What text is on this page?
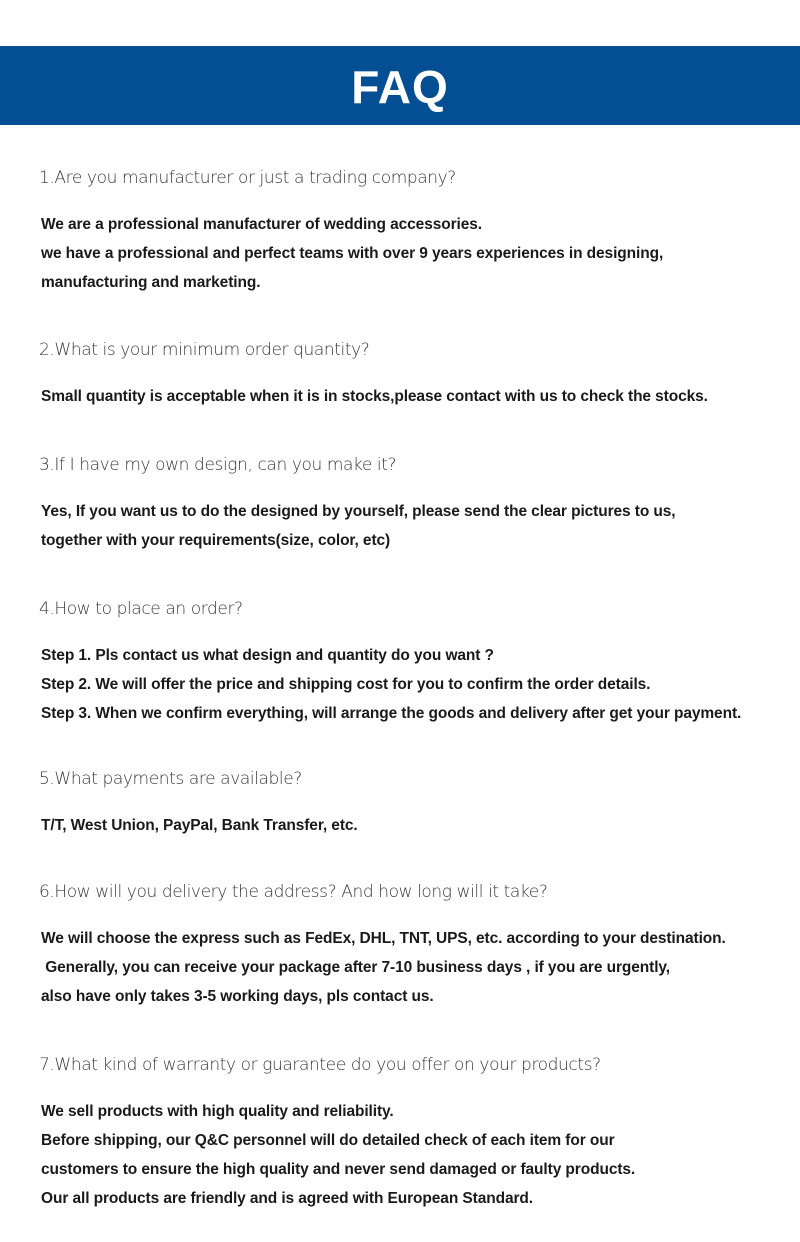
FAQ

1.Are you manufacturer or just a trading company?

We are a professional manufacturer of wedding accessories.
we have a professional and perfect teams with over 9 years experiences in designing,
manufacturing and marketing.

2.What is your minimum order quantity?

Small quantity is acceptable when it is in stocks,please contact with us to check the stocks.

3.If I have my own design, can you make it?

Yes, If you want us to do the designed by yourself, please send the clear pictures to us,
together with your requirements(size, color, etc)

4.How to place an order?

Step 1. Pls contact us what design and quantity do you want ?
Step 2. We will offer the price and shipping cost for you to confirm the order details.
Step 3. When we confirm everything, will arrange the goods and delivery after get your payment.

5.What payments are available?

T/T, West Union, PayPal, Bank Transfer, etc.

6.How will you delivery the address? And how long will it take?

We will choose the express such as FedEx, DHL, TNT, UPS, etc. according to your destination.
Generally, you can receive your package after 7-10 business days , if you are urgently,
also have only takes 3-5 working days, pls contact us.

7.What kind of warranty or guarantee do you offer on your products?

We sell products with high quality and reliability.
Before shipping, our Q&C personnel will do detailed check of each item for our
customers to ensure the high quality and never send damaged or faulty products.
Our all products are friendly and is agreed with European Standard.
